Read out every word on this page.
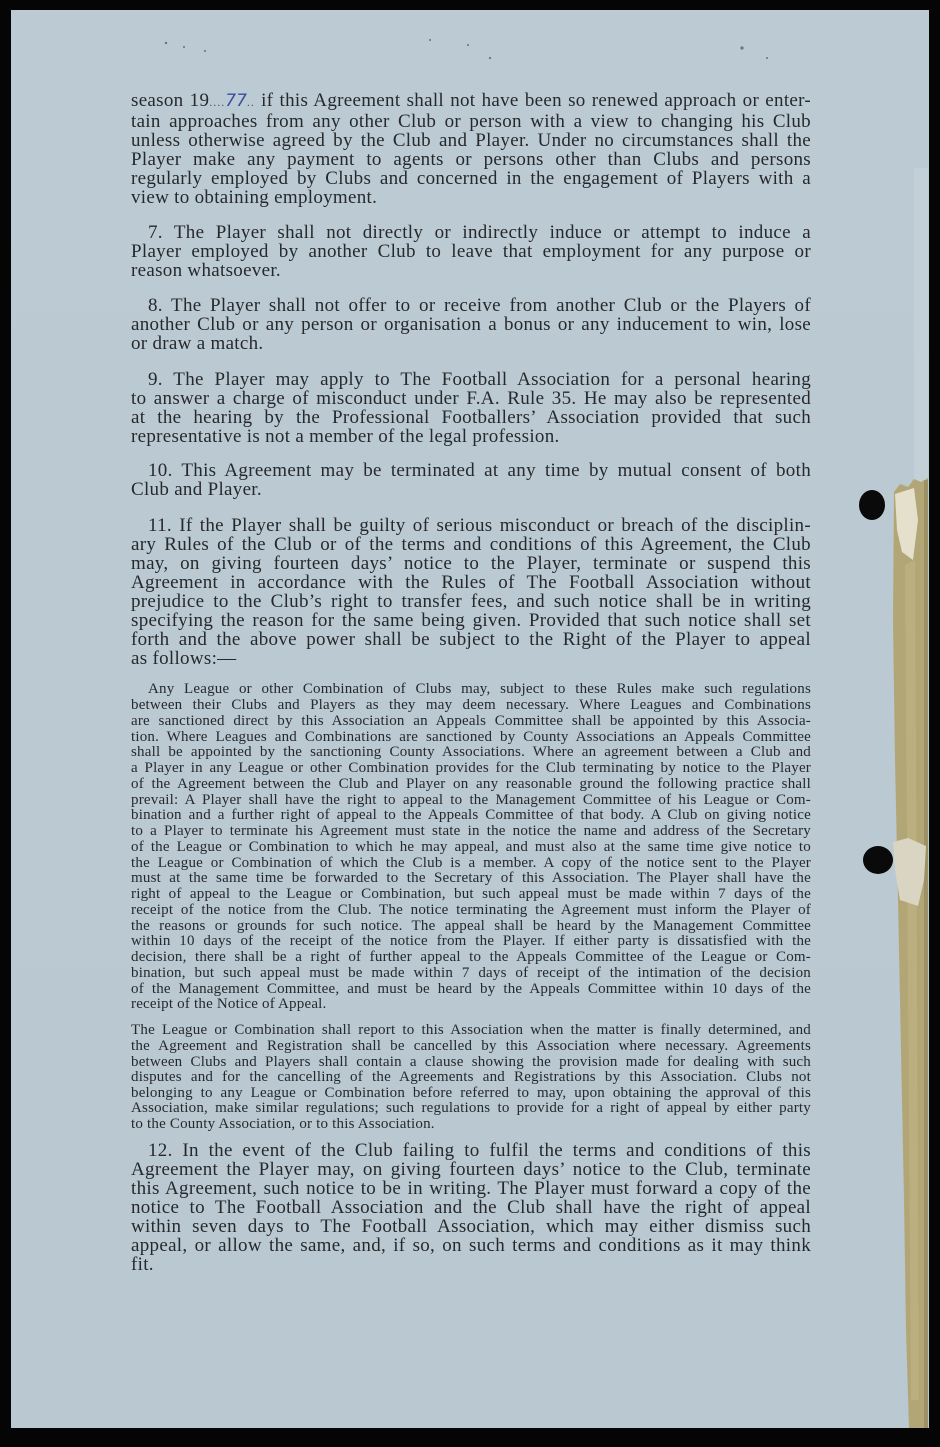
season 19....77.. if this Agreement shall not have been so renewed approach or enter-
tain approaches from any other Club or person with a view to changing his Club
unless otherwise agreed by the Club and Player. Under no circumstances shall the
Player make any payment to agents or persons other than Clubs and persons
regularly employed by Clubs and concerned in the engagement of Players with a
view to obtaining employment.
7. The Player shall not directly or indirectly induce or attempt to induce a
Player employed by another Club to leave that employment for any purpose or
reason whatsoever.
8. The Player shall not offer to or receive from another Club or the Players of
another Club or any person or organisation a bonus or any inducement to win, lose
or draw a match.
9. The Player may apply to The Football Association for a personal hearing
to answer a charge of misconduct under F.A. Rule 35. He may also be represented
at the hearing by the Professional Footballers’ Association provided that such
representative is not a member of the legal profession.
10. This Agreement may be terminated at any time by mutual consent of both
Club and Player.
11. If the Player shall be guilty of serious misconduct or breach of the disciplin-
ary Rules of the Club or of the terms and conditions of this Agreement, the Club
may, on giving fourteen days’ notice to the Player, terminate or suspend this
Agreement in accordance with the Rules of The Football Association without
prejudice to the Club’s right to transfer fees, and such notice shall be in writing
specifying the reason for the same being given. Provided that such notice shall set
forth and the above power shall be subject to the Right of the Player to appeal
as follows:—
Any League or other Combination of Clubs may, subject to these Rules make such regulations
between their Clubs and Players as they may deem necessary. Where Leagues and Combinations
are sanctioned direct by this Association an Appeals Committee shall be appointed by this Associa-
tion. Where Leagues and Combinations are sanctioned by County Associations an Appeals Committee
shall be appointed by the sanctioning County Associations. Where an agreement between a Club and
a Player in any League or other Combination provides for the Club terminating by notice to the Player
of the Agreement between the Club and Player on any reasonable ground the following practice shall
prevail: A Player shall have the right to appeal to the Management Committee of his League or Com-
bination and a further right of appeal to the Appeals Committee of that body. A Club on giving notice
to a Player to terminate his Agreement must state in the notice the name and address of the Secretary
of the League or Combination to which he may appeal, and must also at the same time give notice to
the League or Combination of which the Club is a member. A copy of the notice sent to the Player
must at the same time be forwarded to the Secretary of this Association. The Player shall have the
right of appeal to the League or Combination, but such appeal must be made within 7 days of the
receipt of the notice from the Club. The notice terminating the Agreement must inform the Player of
the reasons or grounds for such notice. The appeal shall be heard by the Management Committee
within 10 days of the receipt of the notice from the Player. If either party is dissatisfied with the
decision, there shall be a right of further appeal to the Appeals Committee of the League or Com-
bination, but such appeal must be made within 7 days of receipt of the intimation of the decision
of the Management Committee, and must be heard by the Appeals Committee within 10 days of the
receipt of the Notice of Appeal.
The League or Combination shall report to this Association when the matter is finally determined, and
the Agreement and Registration shall be cancelled by this Association where necessary. Agreements
between Clubs and Players shall contain a clause showing the provision made for dealing with such
disputes and for the cancelling of the Agreements and Registrations by this Association. Clubs not
belonging to any League or Combination before referred to may, upon obtaining the approval of this
Association, make similar regulations; such regulations to provide for a right of appeal by either party
to the County Association, or to this Association.
12. In the event of the Club failing to fulfil the terms and conditions of this
Agreement the Player may, on giving fourteen days’ notice to the Club, terminate
this Agreement, such notice to be in writing. The Player must forward a copy of the
notice to The Football Association and the Club shall have the right of appeal
within seven days to The Football Association, which may either dismiss such
appeal, or allow the same, and, if so, on such terms and conditions as it may think
fit.
